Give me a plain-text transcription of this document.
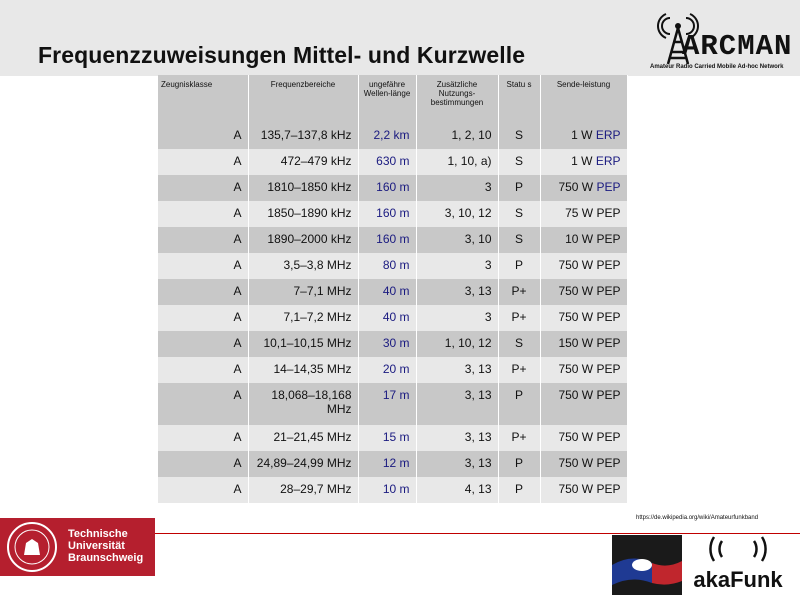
Frequenzzuweisungen Mittel- und Kurzwelle	ARCMAN
Amateur Radio Carried Mobile Ad-hoc Network
Zeugnisklasse	Frequenzbereiche	ungefähre Wellen-länge	Zusätzliche Nutzungs-bestimmungen	Statu s	Sende-leistung
A	135,7–137,8 kHz	2,2 km	1, 2, 10	S	1 W ERP
A	472–479 kHz	630 m	1, 10, a)	S	1 W ERP
A	1810–1850 kHz	160 m	3	P	750 W PEP
A	1850–1890 kHz	160 m	3, 10, 12	S	75 W PEP
A	1890–2000 kHz	160 m	3, 10	S	10 W PEP
A	3,5–3,8 MHz	80 m	3	P	750 W PEP
A	7–7,1 MHz	40 m	3, 13	P+	750 W PEP
A	7,1–7,2 MHz	40 m	3	P+	750 W PEP
A	10,1–10,15 MHz	30 m	1, 10, 12	S	150 W PEP
A	14–14,35 MHz	20 m	3, 13	P+	750 W PEP
A	18,068–18,168 MHz	17 m	3, 13	P	750 W PEP
A	21–21,45 MHz	15 m	3, 13	P+	750 W PEP
A	24,89–24,99 MHz	12 m	3, 13	P	750 W PEP
A	28–29,7 MHz	10 m	4, 13	P	750 W PEP
https://de.wikipedia.org/wiki/Amateurfunkband
Technische
Universität
Braunschweig
akaFunk
